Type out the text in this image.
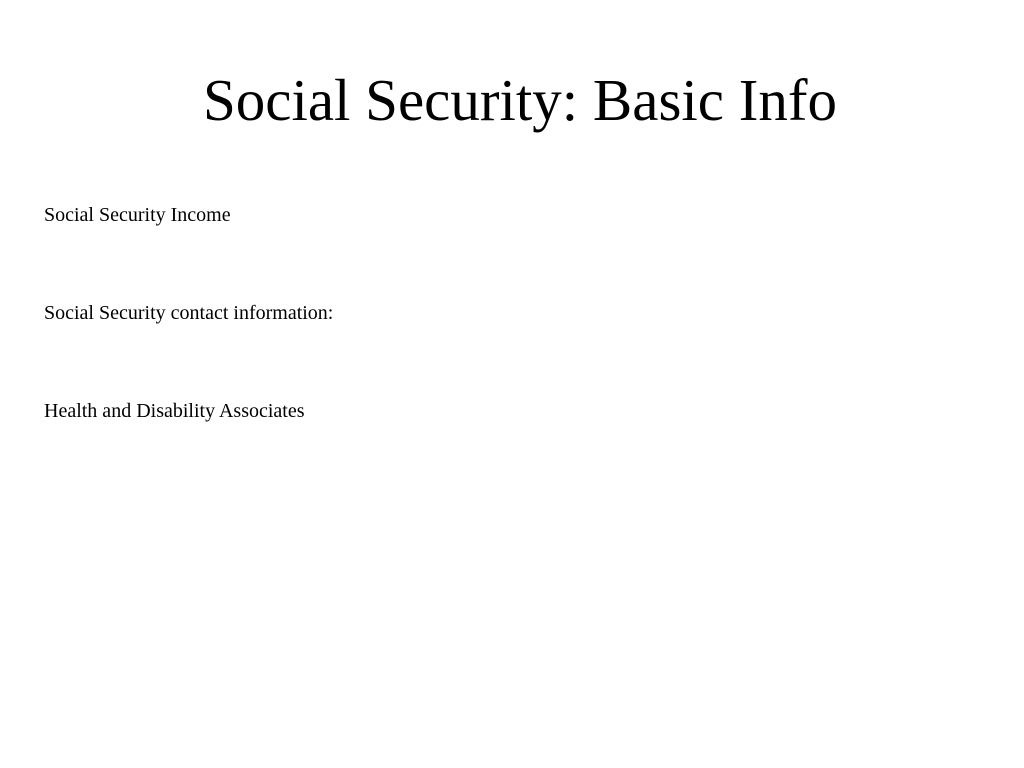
Social Security: Basic Info
Social Security Income
Social Security contact information:
Health and Disability Associates
